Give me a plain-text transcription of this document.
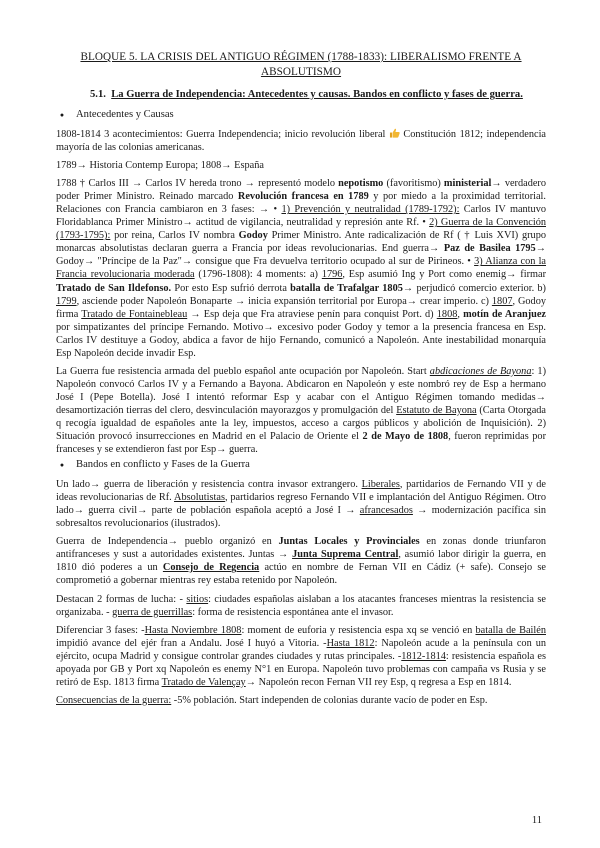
BLOQUE 5. LA CRISIS DEL ANTIGUO RÉGIMEN (1788-1833): LIBERALISMO FRENTE A ABSOLUTISMO
5.1. La Guerra de Independencia: Antecedentes y causas. Bandos en conflicto y fases de guerra.
●	Antecedentes y Causas

1808-1814 3 acontecimientos: Guerra Independencia; inicio revolución liberal  Constitución 1812; independencia mayoría de las colonias americanas.

1789→ Historia Contemp Europa; 1808→ España

1788 † Carlos III → Carlos IV hereda trono → representó modelo nepotismo (favoritismo) ministerial→ verdadero poder Primer Ministro. Reinado marcado Revolución francesa en 1789 y por miedo a la proximidad territorial. Relaciones con Francia cambiaron en 3 fases: → • 1) Prevención y neutralidad (1789-1792): Carlos IV mantuvo Floridablanca Primer Ministro→ actitud de vigilancia, neutralidad y represión ante Rf. • 2) Guerra de la Convención (1793-1795): por reina, Carlos IV nombra Godoy Primer Ministro. Ante radicalización de Rf ( † Luis XVI) grupo monarcas absolutistas declaran guerra a Francia por ideas revolucionarias. End guerra→ Paz de Basilea 1795→ Godoy→ "Príncipe de la Paz"→ consigue que Fra devuelva territorio ocupado al sur de Pirineos. • 3) Alianza con la Francia revolucionaria moderada (1796-1808): 4 moments: a) 1796, Esp asumió Ing y Port como enemig→ firmar Tratado de San Ildefonso. Por esto Esp sufrió derrota batalla de Trafalgar 1805→ perjudicó comercio exterior. b) 1799, asciende poder Napoleón Bonaparte → inicia expansión territorial por Europa→ crear imperio. c) 1807, Godoy firma Tratado de Fontainebleau → Esp deja que Fra atraviese penín para conquist Port. d) 1808, motín de Aranjuez por simpatizantes del príncipe Fernando. Motivo→ excesivo poder Godoy y temor a la presencia francesa en Esp. Carlos IV destituye a Godoy, abdica a favor de hijo Fernando, comunicó a Napoleón. Ante inestabilidad monarquía Esp Napoleón decide invadir Esp.

La Guerra fue resistencia armada del pueblo español ante ocupación por Napoleón. Start abdicaciones de Bayona: 1) Napoleón convocó Carlos IV y a Fernando a Bayona. Abdicaron en Napoleón y este nombró rey de Esp a hermano José I (Pepe Botella). José I intentó reformar Esp y acabar con el Antiguo Régimen tomando medidas→ desamortización tierras del clero, desvinculación mayorazgos y promulgación del Estatuto de Bayona (Carta Otorgada q recogía igualdad de españoles ante la ley, impuestos, acceso a cargos públicos y abolición de Inquisición). 2) Situación provocó insurrecciones en Madrid en el Palacio de Oriente el 2 de Mayo de 1808, fueron reprimidas por franceses y se extendieron fast por Esp→ guerra.

●	Bandos en conflicto y Fases de la Guerra

Un lado→ guerra de liberación y resistencia contra invasor extrangero. Liberales, partidarios de Fernando VII y de ideas revolucionarias de Rf. Absolutistas, partidarios regreso Fernando VII e implantación del Antiguo Régimen. Otro lado→ guerra civil→ parte de población española aceptó a José I → afrancesados → modernización pacífica sin sobresaltos revolucionarios (ilustrados).

Guerra de Independencia→ pueblo organizó en Juntas Locales y Provinciales en zonas donde triunfaron antifranceses y sust a autoridades existentes. Juntas → Junta Suprema Central, asumió labor dirigir la guerra, en 1810 dió poderes a un Consejo de Regencia actúo en nombre de Fernan VII en Cádiz (+ safe). Consejo se comprometió a gobernar mientras rey estaba retenido por Napoleón.

Destacan 2 formas de lucha: - sitios: ciudades españolas aislaban a los atacantes franceses mientras la resistencia se organizaba. - guerra de guerrillas: forma de resistencia espontánea ante el invasor.

Diferenciar 3 fases: -Hasta Noviembre 1808: moment de euforia y resistencia espa xq se venció en batalla de Bailén impidió avance del ejér fran a Andalu. José I huyó a Vitoria. -Hasta 1812: Napoleón acude a la península con un ejército, ocupa Madrid y consigue controlar grandes ciudades y rutas principales. -1812-1814: resistencia española es apoyada por GB y Port xq Napoleón es enemy N°1 en Europa. Napoleón tuvo problemas con campaña vs Rusia y se retiró de Esp. 1813 firma Tratado de Valençay→ Napoleón recon Fernan VII rey Esp, q regresa a Esp en 1814.

Consecuencias de la guerra: -5% población. Start independen de colonias durante vacío de poder en Esp.

11
